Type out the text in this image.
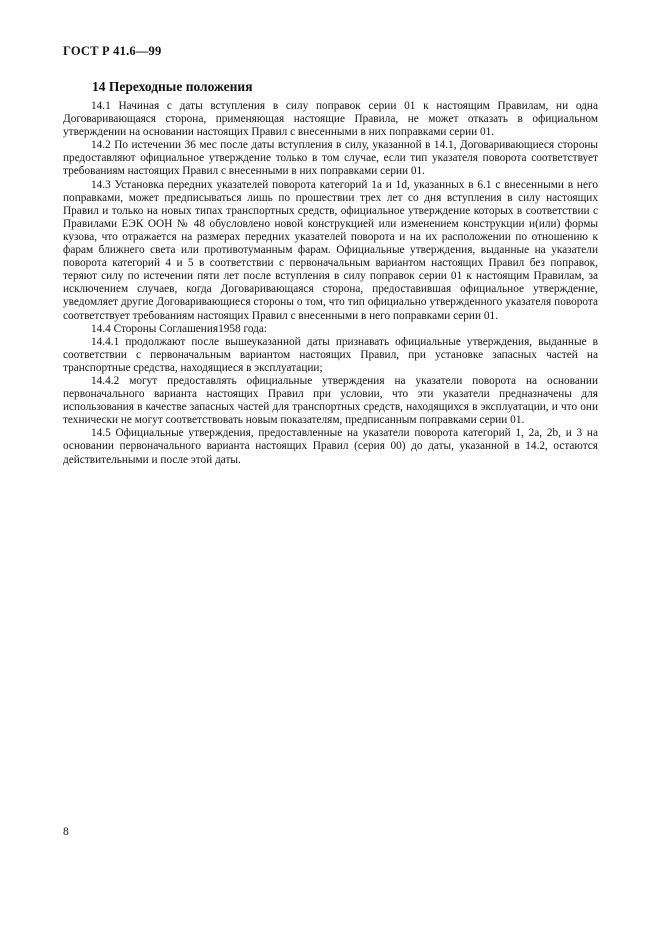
ГОСТ Р 41.6—99
14 Переходные положения

14.1 Начиная с даты вступления в силу поправок серии 01 к настоящим Правилам, ни одна Договаривающаяся сторона, применяющая настоящие Правила, не может отказать в официальном утверждении на основании настоящих Правил с внесенными в них поправками серии 01.

14.2 По истечении 36 мес после даты вступления в силу, указанной в 14.1, Договаривающиеся стороны предоставляют официальное утверждение только в том случае, если тип указателя поворота соответствует требованиям настоящих Правил с внесенными в них поправками серии 01.

14.3 Установка передних указателей поворота категорий 1а и 1d, указанных в 6.1 с внесенными в него поправками, может предписываться лишь по прошествии трех лет со дня вступления в силу настоящих Правил и только на новых типах транспортных средств, официальное утверждение которых в соответствии с Правилами ЕЭК ООН № 48 обусловлено новой конструкцией или изменением конструкции и(или) формы кузова, что отражается на размерах передних указателей поворота и на их расположении по отношению к фарам ближнего света или противотуманным фарам. Официальные утверждения, выданные на указатели поворота категорий 4 и 5 в соответствии с первоначальным вариантом настоящих Правил без поправок, теряют силу по истечении пяти лет после вступления в силу поправок серии 01 к настоящим Правилам, за исключением случаев, когда Договаривающаяся сторона, предоставившая официальное утверждение, уведомляет другие Договаривающиеся стороны о том, что тип официально утвержденного указателя поворота соответствует требованиям настоящих Правил с внесенными в него поправками серии 01.

14.4 Стороны Соглашения1958 года:

14.4.1 продолжают после вышеуказанной даты признавать официальные утверждения, выданные в соответствии с первоначальным вариантом настоящих Правил, при установке запасных частей на транспортные средства, находящиеся в эксплуатации;

14.4.2 могут предоставлять официальные утверждения на указатели поворота на основании первоначального варианта настоящих Правил при условии, что эти указатели предназначены для использования в качестве запасных частей для транспортных средств, находящихся в эксплуатации, и что они технически не могут соответствовать новым показателям, предписанным поправками серии 01.

14.5 Официальные утверждения, предоставленные на указатели поворота категорий 1, 2а, 2b, и 3 на основании первоначального варианта настоящих Правил (серия 00) до даты, указанной в 14.2, остаются действительными и после этой даты.

8
